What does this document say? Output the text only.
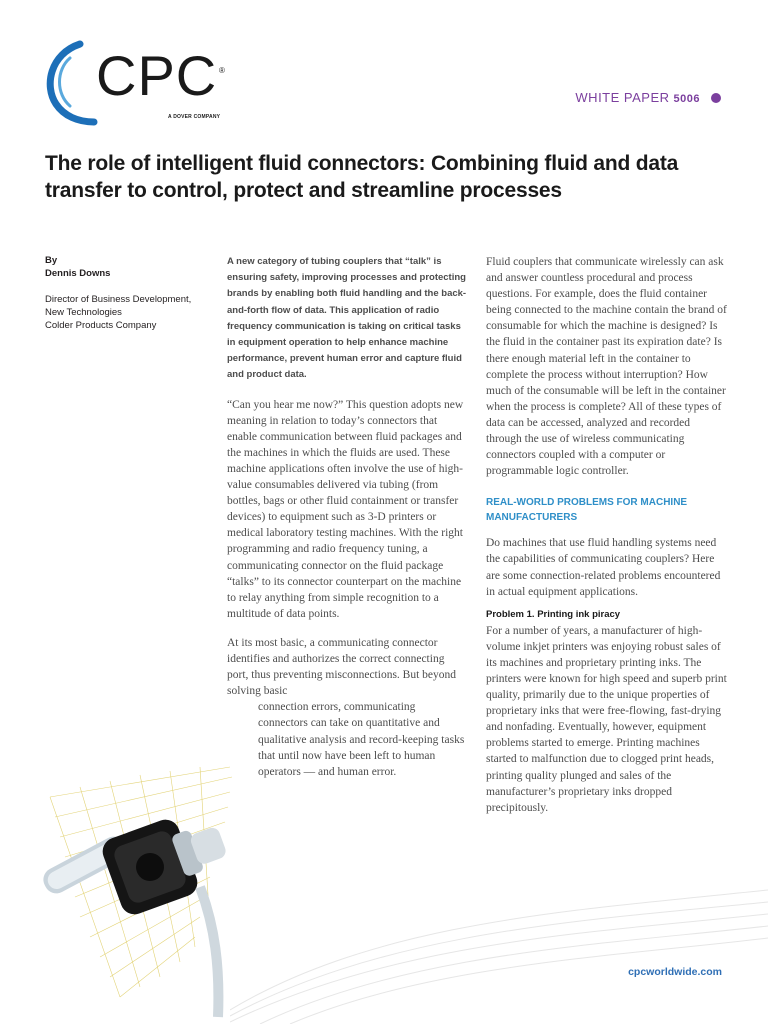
CPC ®
A DOVER COMPANY
WHITE PAPER 5006
The role of intelligent fluid connectors: Combining fluid and data transfer to control, protect and streamline processes
By
Dennis Downs
Director of Business Development,
New Technologies
Colder Products Company

A new category of tubing couplers that “talk” is ensuring safety, improving processes and protecting brands by enabling both fluid handling and the back-and-forth flow of data. This application of radio frequency communication is taking on critical tasks in equipment operation to help enhance machine performance, prevent human error and capture fluid and product data.

“Can you hear me now?” This question adopts new meaning in relation to today’s connectors that enable communication between fluid packages and the machines in which the fluids are used. These machine applications often involve the use of high-value consumables delivered via tubing (from bottles, bags or other fluid containment or transfer devices) to equipment such as 3-D printers or medical laboratory testing machines. With the right programming and radio frequency tuning, a communicating connector on the fluid package “talks” to its connector counterpart on the machine to relay anything from simple recognition to a multitude of data points.

At its most basic, a communicating connector identifies and authorizes the correct connecting port, thus preventing misconnections. But beyond solving basic
connection errors, communicating connectors can take on quantitative and qualitative analysis and record-keeping tasks that until now have been left to human operators — and human error.

Fluid couplers that communicate wirelessly can ask and answer countless procedural and process questions. For example, does the fluid container being connected to the machine contain the brand of consumable for which the machine is designed? Is the fluid in the container past its expiration date? Is there enough material left in the container to complete the process without interruption? How much of the consumable will be left in the container when the process is complete? All of these types of data can be accessed, analyzed and recorded through the use of wireless communicating connectors coupled with a computer or programmable logic controller.

REAL-WORLD PROBLEMS FOR MACHINE MANUFACTURERS

Do machines that use fluid handling systems need the capabilities of communicating couplers? Here are some connection-related problems encountered in actual equipment applications.

Problem 1. Printing ink piracy

For a number of years, a manufacturer of high-volume inkjet printers was enjoying robust sales of its machines and proprietary printing inks. The printers were known for high speed and superb print quality, primarily due to the unique properties of proprietary inks that were free-flowing, fast-drying and nonfading. Eventually, however, equipment problems started to emerge. Printing machines started to malfunction due to clogged print heads, printing quality plunged and sales of the manufacturer’s proprietary inks dropped precipitously.

cpcworldwide.com
